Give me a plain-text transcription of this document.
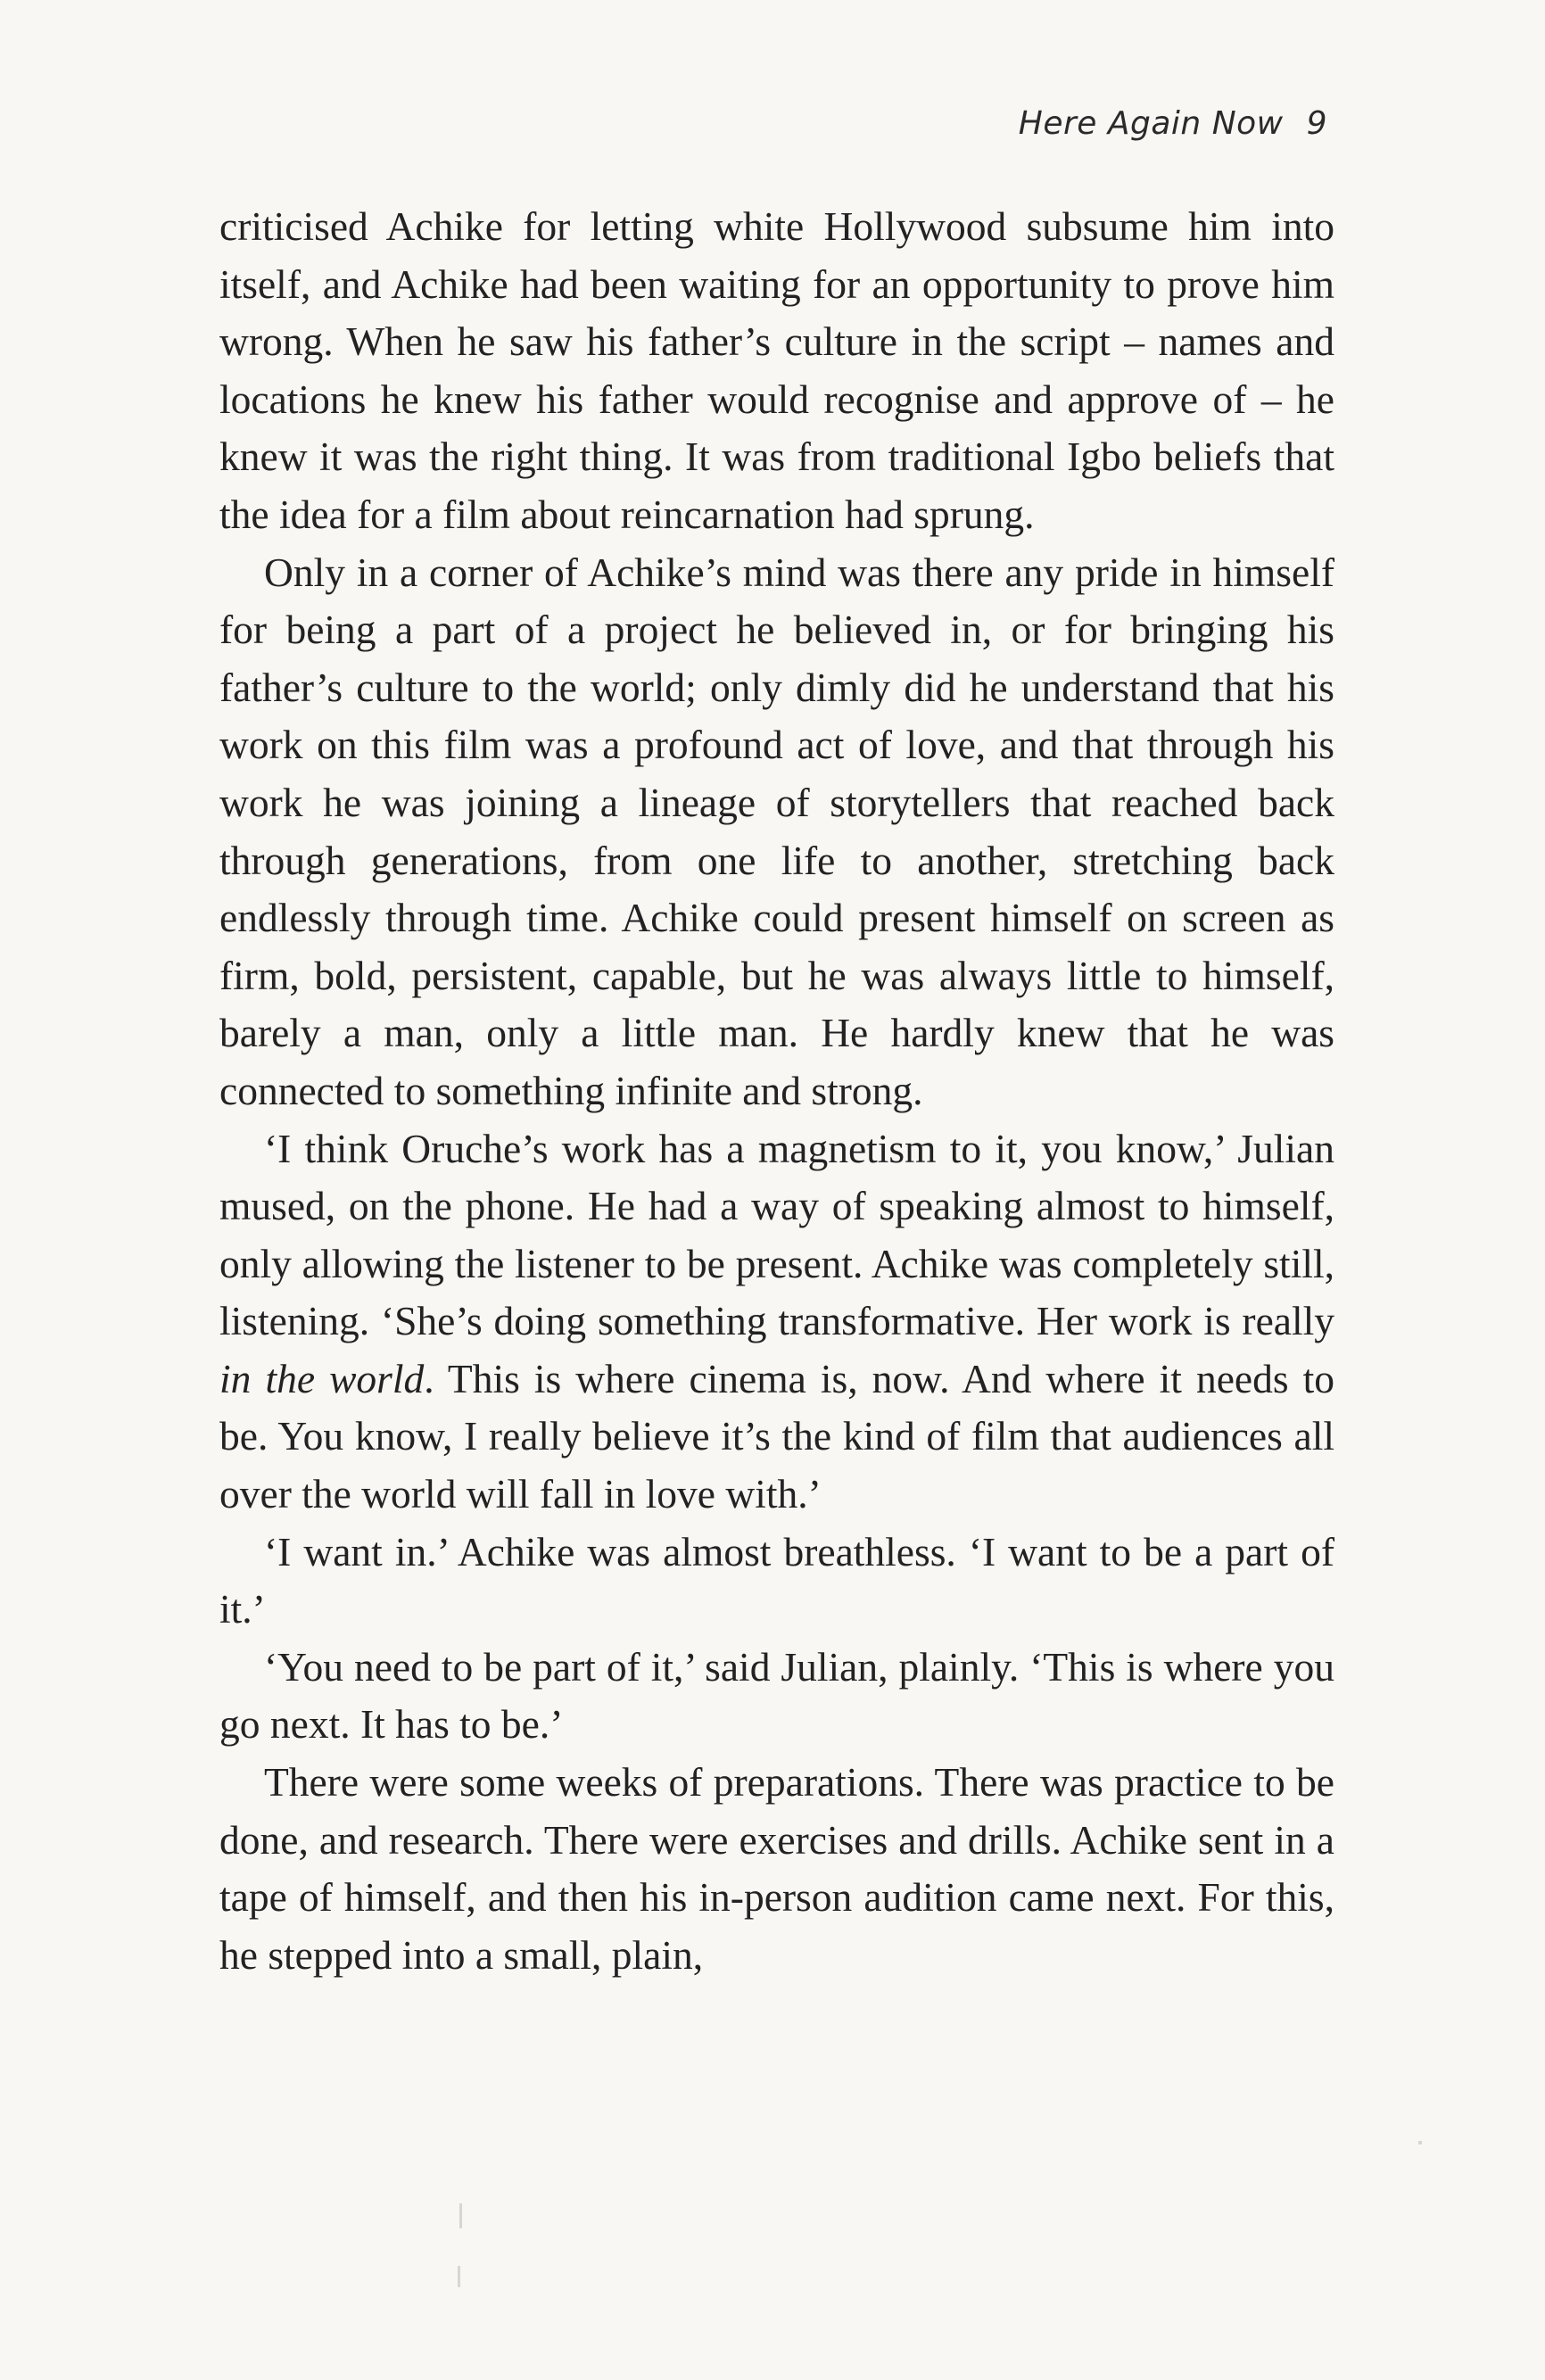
Here Again Now 9

criticised Achike for letting white Hollywood subsume him into itself, and Achike had been waiting for an opportunity to prove him wrong. When he saw his father’s culture in the script – names and locations he knew his father would recognise and approve of – he knew it was the right thing. It was from traditional Igbo beliefs that the idea for a film about reincarnation had sprung.

Only in a corner of Achike’s mind was there any pride in himself for being a part of a project he believed in, or for bringing his father’s culture to the world; only dimly did he understand that his work on this film was a profound act of love, and that through his work he was joining a lineage of storytellers that reached back through generations, from one life to another, stretching back endlessly through time. Achike could present himself on screen as firm, bold, persistent, capable, but he was always little to himself, barely a man, only a little man. He hardly knew that he was connected to something infinite and strong.

‘I think Oruche’s work has a magnetism to it, you know,’ Julian mused, on the phone. He had a way of speaking almost to himself, only allowing the listener to be present. Achike was completely still, listening. ‘She’s doing something transformative. Her work is really in the world. This is where cinema is, now. And where it needs to be. You know, I really believe it’s the kind of film that audiences all over the world will fall in love with.’

‘I want in.’ Achike was almost breathless. ‘I want to be a part of it.’

‘You need to be part of it,’ said Julian, plainly. ‘This is where you go next. It has to be.’

There were some weeks of preparations. There was practice to be done, and research. There were exercises and drills. Achike sent in a tape of himself, and then his in-person audition came next. For this, he stepped into a small, plain,
